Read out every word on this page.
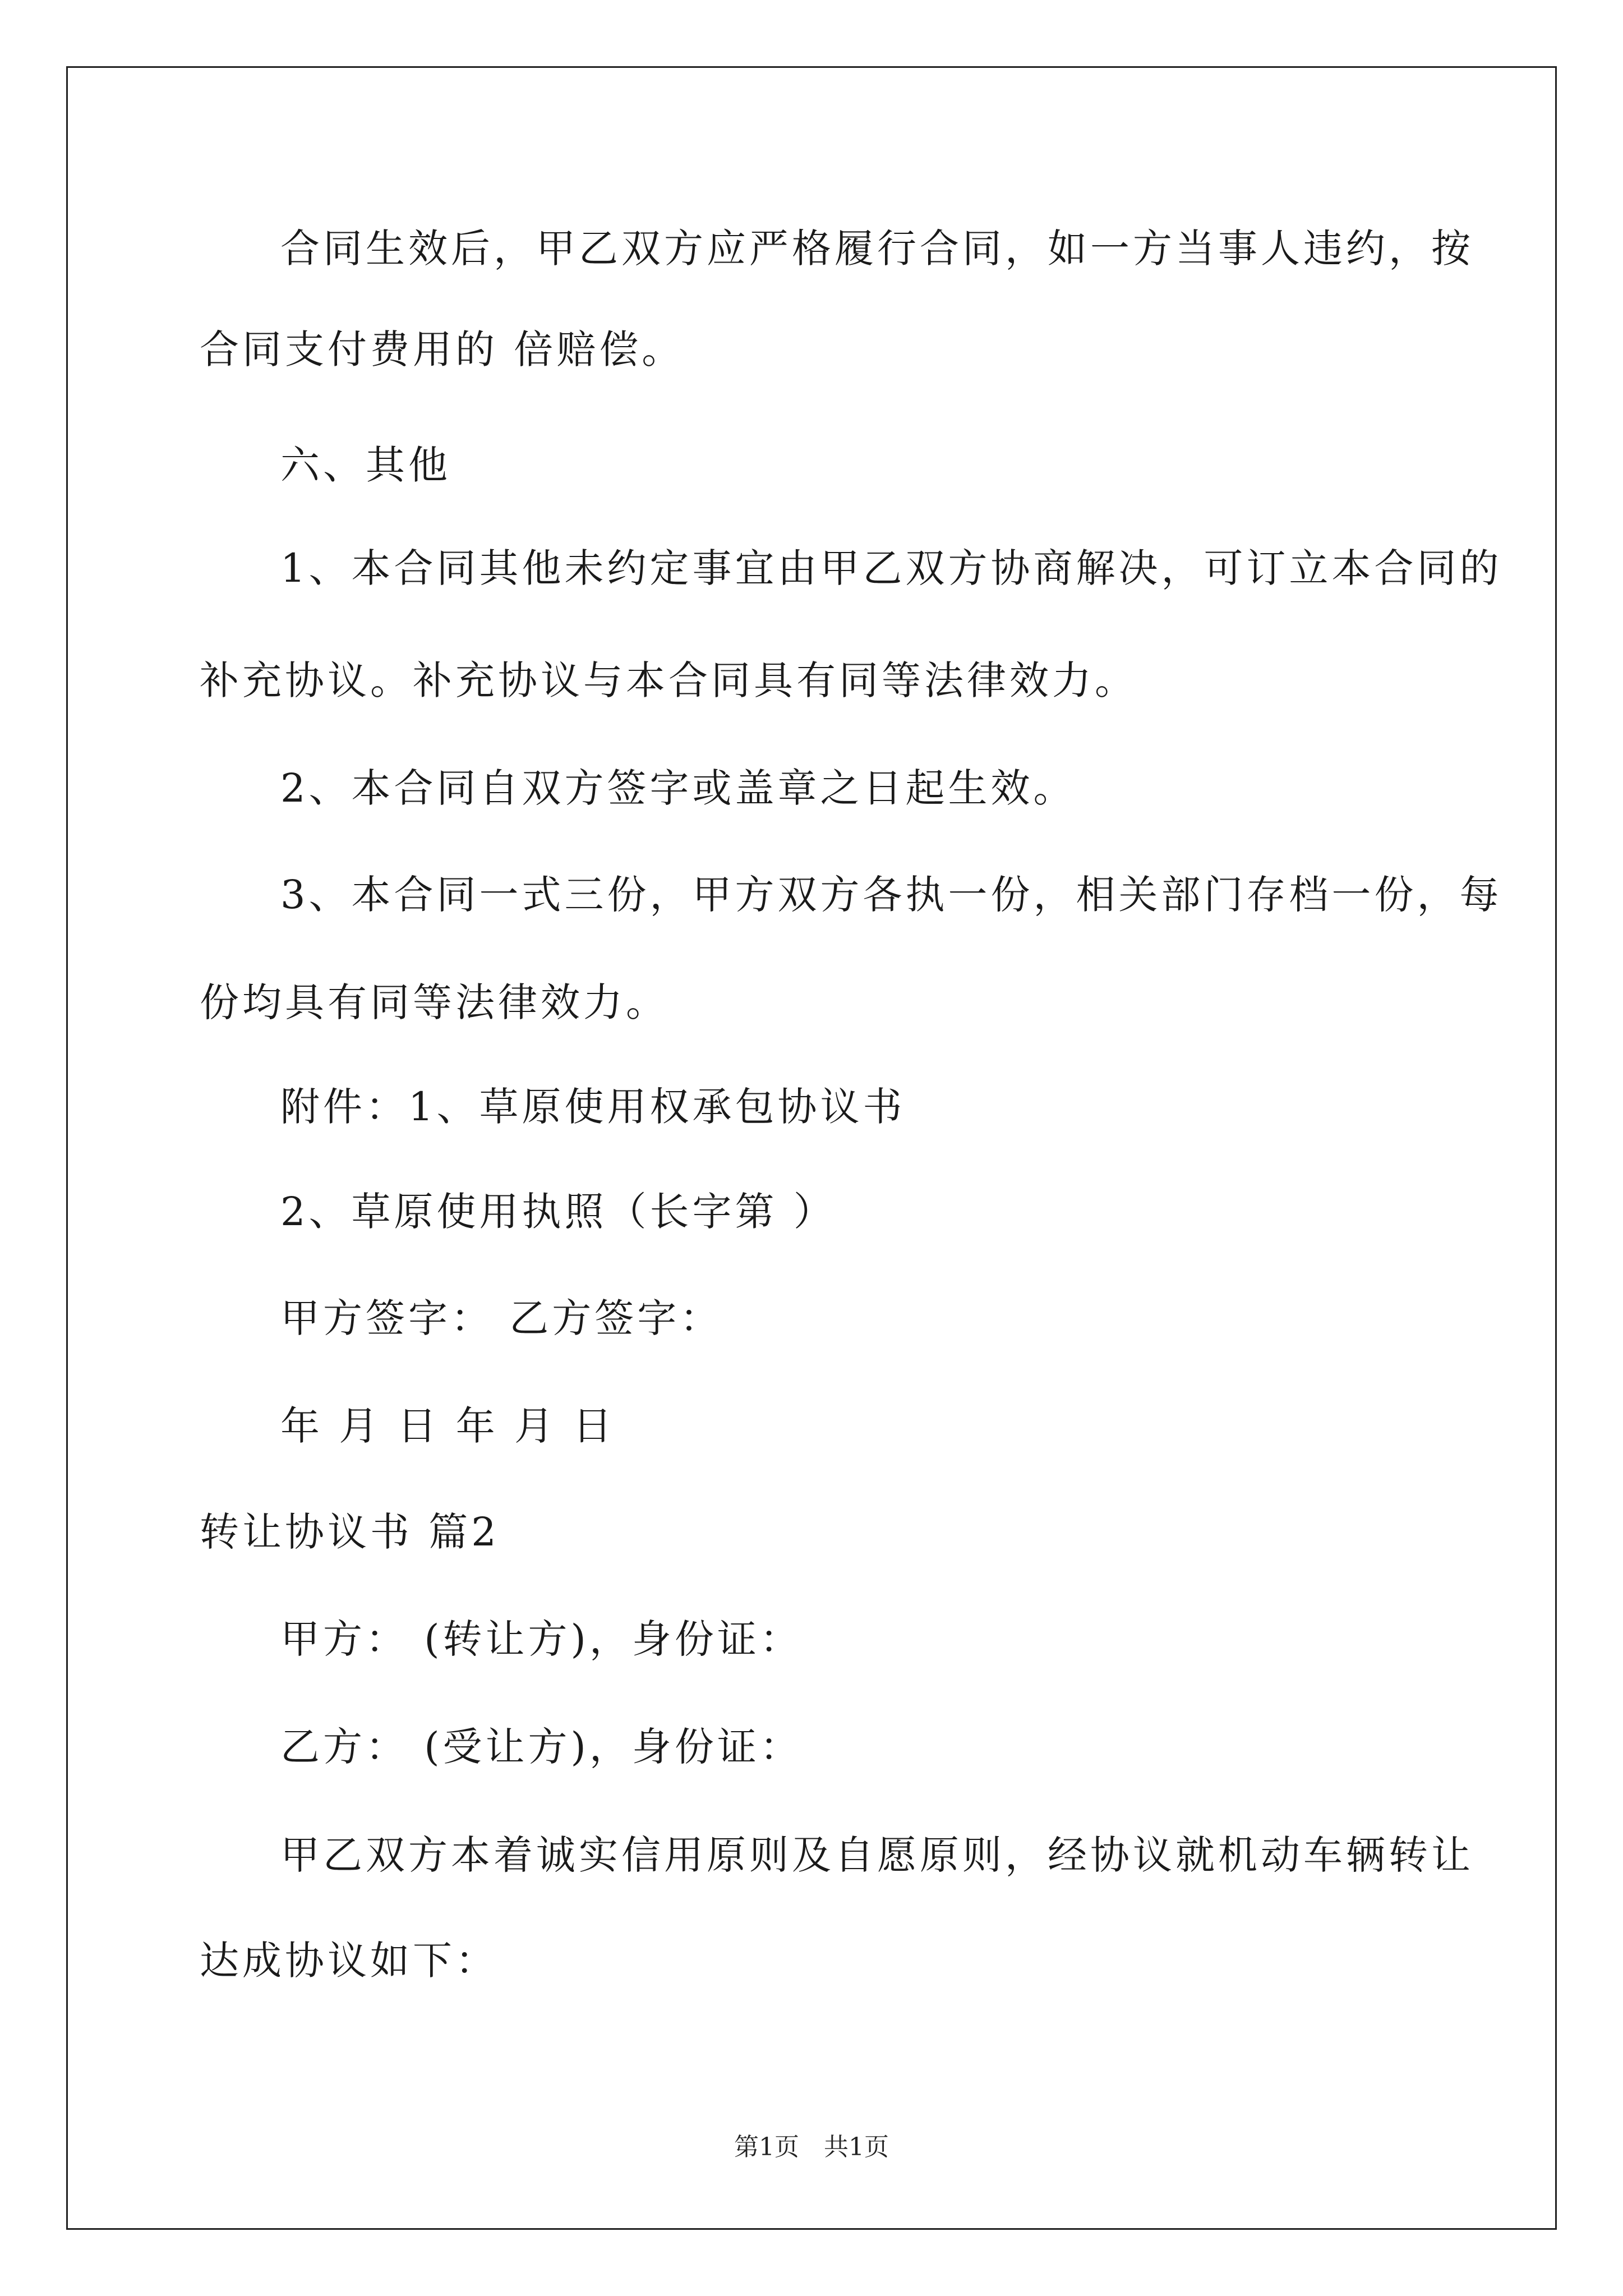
合同生效后，甲乙双方应严格履行合同，如一方当事人违约，按
合同支付费用的 倍赔偿。
六、其他
1、本合同其他未约定事宜由甲乙双方协商解决，可订立本合同的
补充协议。补充协议与本合同具有同等法律效力。
2、本合同自双方签字或盖章之日起生效。
3、本合同一式三份，甲方双方各执一份，相关部门存档一份，每
份均具有同等法律效力。
附件：1、草原使用权承包协议书
2、草原使用执照（长字第 ）
甲方签字： 乙方签字：
年 月 日 年 月 日
转让协议书 篇2
甲方： (转让方)，身份证：
乙方： (受让方)，身份证：
甲乙双方本着诚实信用原则及自愿原则，经协议就机动车辆转让
达成协议如下：
第1页　共1页
